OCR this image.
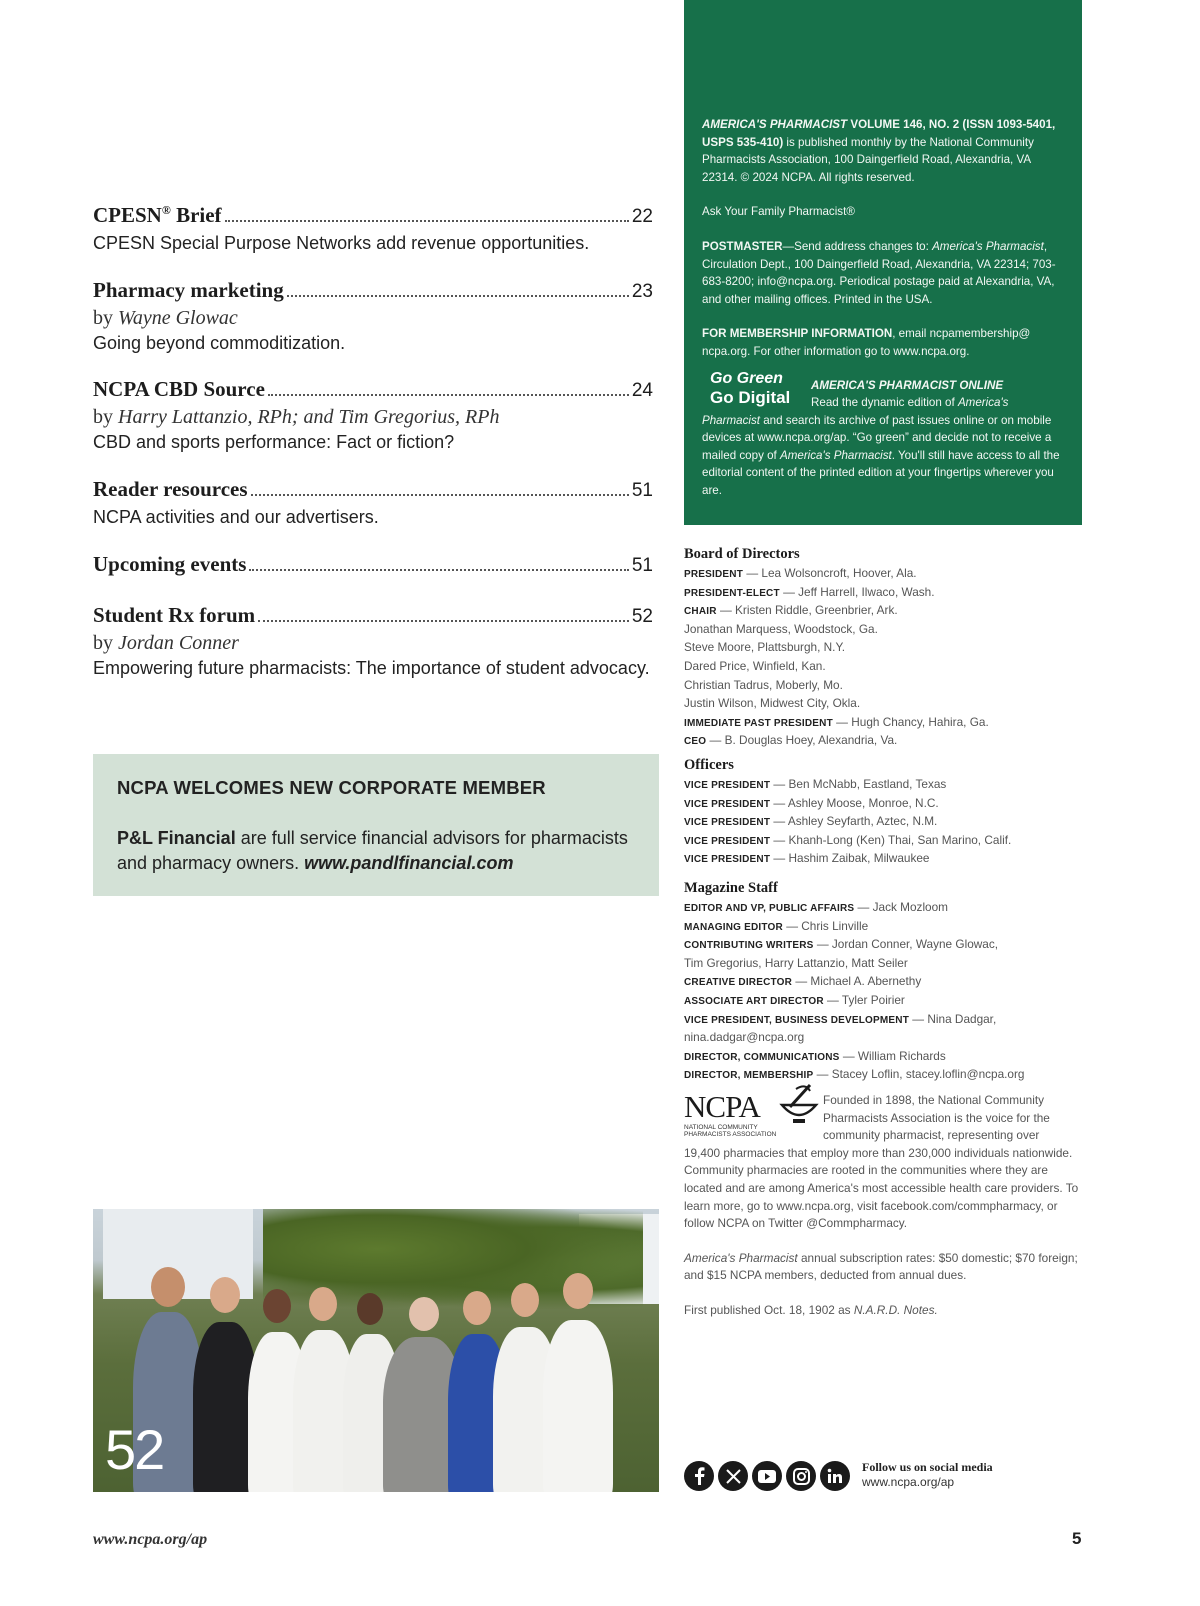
CPESN® Brief	22
CPESN Special Purpose Networks add revenue opportunities.
Pharmacy marketing	23
by Wayne Glowac
Going beyond commoditization.
NCPA CBD Source	24
by Harry Lattanzio, RPh; and Tim Gregorius, RPh
CBD and sports performance: Fact or fiction?
Reader resources	51
NCPA activities and our advertisers.
Upcoming events	51
Student Rx forum	52
by Jordan Conner
Empowering future pharmacists: The importance of student advocacy.
NCPA WELCOMES NEW CORPORATE MEMBER
P&L Financial are full service financial advisors for pharmacists and pharmacy owners. www.pandlfinancial.com
52
www.ncpa.org/ap	5
AMERICA'S PHARMACIST VOLUME 146, NO. 2 (ISSN 1093-5401, USPS 535-410) is published monthly by the National Community Pharmacists Association, 100 Daingerfield Road, Alexandria, VA 22314. © 2024 NCPA. All rights reserved.
Ask Your Family Pharmacist®
POSTMASTER—Send address changes to: America's Pharmacist, Circulation Dept., 100 Daingerfield Road, Alexandria, VA 22314; 703-683-8200; info@ncpa.org. Periodical postage paid at Alexandria, VA, and other mailing offices. Printed in the USA.
FOR MEMBERSHIP INFORMATION, email ncpamembership@ ncpa.org. For other information go to www.ncpa.org.
Go Green
Go Digital
AMERICA'S PHARMACIST ONLINE
Read the dynamic edition of America's Pharmacist and search its archive of past issues online or on mobile devices at www.ncpa.org/ap. “Go green” and decide not to receive a mailed copy of America's Pharmacist. You'll still have access to all the editorial content of the printed edition at your fingertips wherever you are.
Board of Directors
PRESIDENT — Lea Wolsoncroft, Hoover, Ala.
PRESIDENT-ELECT — Jeff Harrell, Ilwaco, Wash.
CHAIR — Kristen Riddle, Greenbrier, Ark.
Jonathan Marquess, Woodstock, Ga.
Steve Moore, Plattsburgh, N.Y.
Dared Price, Winfield, Kan.
Christian Tadrus, Moberly, Mo.
Justin Wilson, Midwest City, Okla.
IMMEDIATE PAST PRESIDENT — Hugh Chancy, Hahira, Ga.
CEO — B. Douglas Hoey, Alexandria, Va.
Officers
VICE PRESIDENT — Ben McNabb, Eastland, Texas
VICE PRESIDENT — Ashley Moose, Monroe, N.C.
VICE PRESIDENT — Ashley Seyfarth, Aztec, N.M.
VICE PRESIDENT — Khanh-Long (Ken) Thai, San Marino, Calif.
VICE PRESIDENT — Hashim Zaibak, Milwaukee
Magazine Staff
EDITOR AND VP, PUBLIC AFFAIRS — Jack Mozloom
MANAGING EDITOR — Chris Linville
CONTRIBUTING WRITERS — Jordan Conner, Wayne Glowac,
Tim Gregorius, Harry Lattanzio, Matt Seiler
CREATIVE DIRECTOR — Michael A. Abernethy
ASSOCIATE ART DIRECTOR — Tyler Poirier
VICE PRESIDENT, BUSINESS DEVELOPMENT — Nina Dadgar,
nina.dadgar@ncpa.org
DIRECTOR, COMMUNICATIONS — William Richards
DIRECTOR, MEMBERSHIP — Stacey Loflin, stacey.loflin@ncpa.org
NCPA
NATIONAL COMMUNITY
PHARMACISTS ASSOCIATION
Founded in 1898, the National Community
Pharmacists Association is the voice for the
community pharmacist, representing over
19,400 pharmacies that employ more than 230,000 individuals nationwide. Community pharmacies are rooted in the communities where they are located and are among America's most accessible health care providers. To learn more, go to www.ncpa.org, visit facebook.com/commpharmacy, or follow NCPA on Twitter @Commpharmacy.
America's Pharmacist annual subscription rates: $50 domestic; $70 foreign; and $15 NCPA members, deducted from annual dues.
First published Oct. 18, 1902 as N.A.R.D. Notes.
Follow us on social media
www.ncpa.org/ap
